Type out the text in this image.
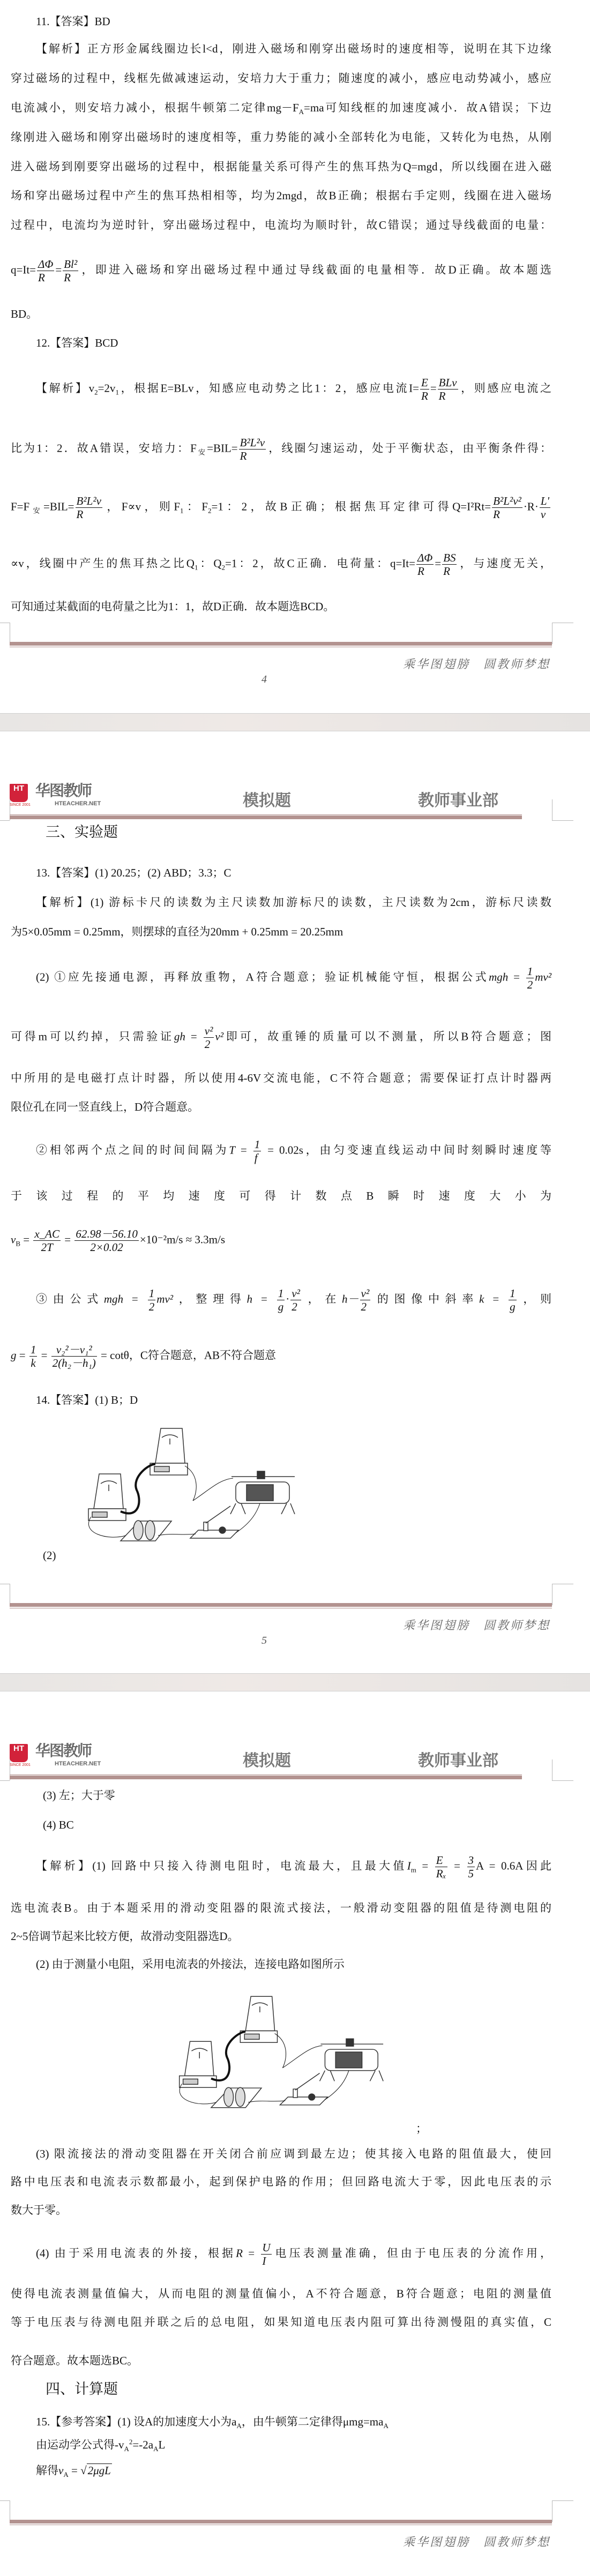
11.【答案】BD
【解析】正方形金属线圈边长l<d，刚进入磁场和刚穿出磁场时的速度相等，说明在其下边缘
穿过磁场的过程中，线框先做减速运动，安培力大于重力；随速度的减小，感应电动势减小，感应
电流减小，则安培力减小，根据牛顿第二定律$mg-F_A=ma$可知线框的加速度减小．故A错误；下边
缘刚进入磁场和刚穿出磁场时的速度相等，重力势能的减小全部转化为电能，又转化为电热，从刚
进入磁场到刚要穿出磁场的过程中，根据能量关系可得产生的焦耳热为Q=mgd，所以线圈在进入磁
场和穿出磁场过程中产生的焦耳热相相等，均为2mgd，故B正确；根据右手定则，线圈在进入磁场
过程中，电流均为逆时针，穿出磁场过程中，电流均为顺时针，故C错误；通过导线截面的电量：
$q=It= \frac{\Delta\Phi}{R} = \frac{\text{Bl²}}{R}$ ，即进入磁场和穿出磁场过程中通过导线截面的电量相等．故D正确。故本题选
BD。
12.【答案】BCD
【解析】$v_2=2v_1$，根据E=BLv，知感应电动势之比1：2，感应电流$I= \frac{E}{R} = \frac{\text{BLv}}{R}$ ，则感应电流之
比为1：2．故A错误，安培力：$F_安=BIL= \frac{\text{B²L²v}}{R}$ ，线圈匀速运动，处于平衡状态，由平衡条件得：
$F=F_安=BIL= \frac{\text{B²L²v}}{R}$ ，F∝v，则$F_1$：$F_2=1$：2，故B正确；根据焦耳定律可得$Q=I^2Rt= \frac{\text{B²L²v²}}{R} \cdot R\cdot \frac{L'}{v}$
∝v，线圈中产生的焦耳热之比$Q_1$：$Q_2=1$：2，故C正确．电荷量：$q=It= \frac{\Delta\Phi}{R} = \frac{BS}{R}$ ，与速度无关，
可知通过某截面的电荷量之比为1：1，故D正确．故本题选BCD。
三、实验题
13.【答案】(1) 20.25；(2) ABD；3.3；C
【解析】(1) 游标卡尺的读数为主尺读数加游标尺的读数，主尺读数为2cm，游标尺读数
为5×0.05mm = 0.25mm，则摆球的直径为20mm + 0.25mm = 20.25mm
(2) ①应先接通电源，再释放重物，A符合题意；验证机械能守恒，根据公式mgh = $\frac{1}{2} mv^2$
可得m可以约掉，只需验证gh = $\frac{\text{v²}}{2} v^2$即可，故重锤的质量可以不测量，所以B符合题意；图
中所用的是电磁打点计时器，所以使用4-6V交流电能，C不符合题意；需要保证打点计时器两
限位孔在同一竖直线上，D符合题意。
②相邻两个点之间的时间间隔为$T = \frac{1}{f} = 0.02s$，由匀变速直线运动中间时刻瞬时速度等
于该过程的平均速度可得计数点B瞬时速度大小为
$v_B = \frac{x\_AC}{2T} = \frac{62.98-56.10}{2\times 0.02} \times 10^{-2}m/s \approx 3.3m/s$
③由公式mgh = $\frac{1}{2} mv^2$，整理得$h = \frac{1}{g} \cdot \frac{\text{v²}}{2}$ ，在$h- \frac{\text{v²}}{2}$ 的图像中斜率$k = \frac{1}{g}$ ，则
$g = \frac{1}{k} = \frac{\text{v₂²－v₁²}}{\text{2(h₂－h₁)}} = \cot\theta$，C符合题意，AB不符合题意
14.【答案】(1) B；D
(2)
(3) 左；大于零
(4) BC
【解析】(1) 回路中只接入待测电阻时，电流最大，且最大值$I_m = \frac{E}{\text{Rₓ}} = \frac{3}{5}$ A = 0.6A因此
选电流表B。由于本题采用的滑动变阻器的限流式接法，一般滑动变阻器的阻值是待测电阻的
2~5倍调节起来比较方便，故滑动变阻器选D。
(2) 由于测量小电阻，采用电流表的外接法，连接电路如图所示
；
(3) 限流接法的滑动变阻器在开关闭合前应调到最左边；使其接入电路的阻值最大，使回
路中电压表和电流表示数都最小，起到保护电路的作用；但回路电流大于零，因此电压表的示
数大于零。
(4) 由于采用电流表的外接，根据$R = \frac{U}{I}$ 电压表测量准确，但由于电压表的分流作用，
使得电流表测量值偏大，从而电阻的测量值偏小，A不符合题意，B符合题意；电阻的测量值
等于电压表与待测电阻并联之后的总电阻，如果知道电压表内阻可算出待测慢阻的真实值，C
符合题意。故本题选BC。
四、计算题
15.【参考答案】(1) 设A的加速度大小为$a_A$，由牛顿第二定律得$\mu mg=ma_A$
由运动学公式得$-v_A^2=-2a_AL$
解得$v_A = √2\mu gL$
乘华图翅膀　圆教师梦想
4
HT
SINCE 2001
华图教师
HTEACHER.NET	模拟题	教师事业部
乘华图翅膀　圆教师梦想
5
HT
SINCE 2001
华图教师
HTEACHER.NET	模拟题	教师事业部
乘华图翅膀　圆教师梦想
